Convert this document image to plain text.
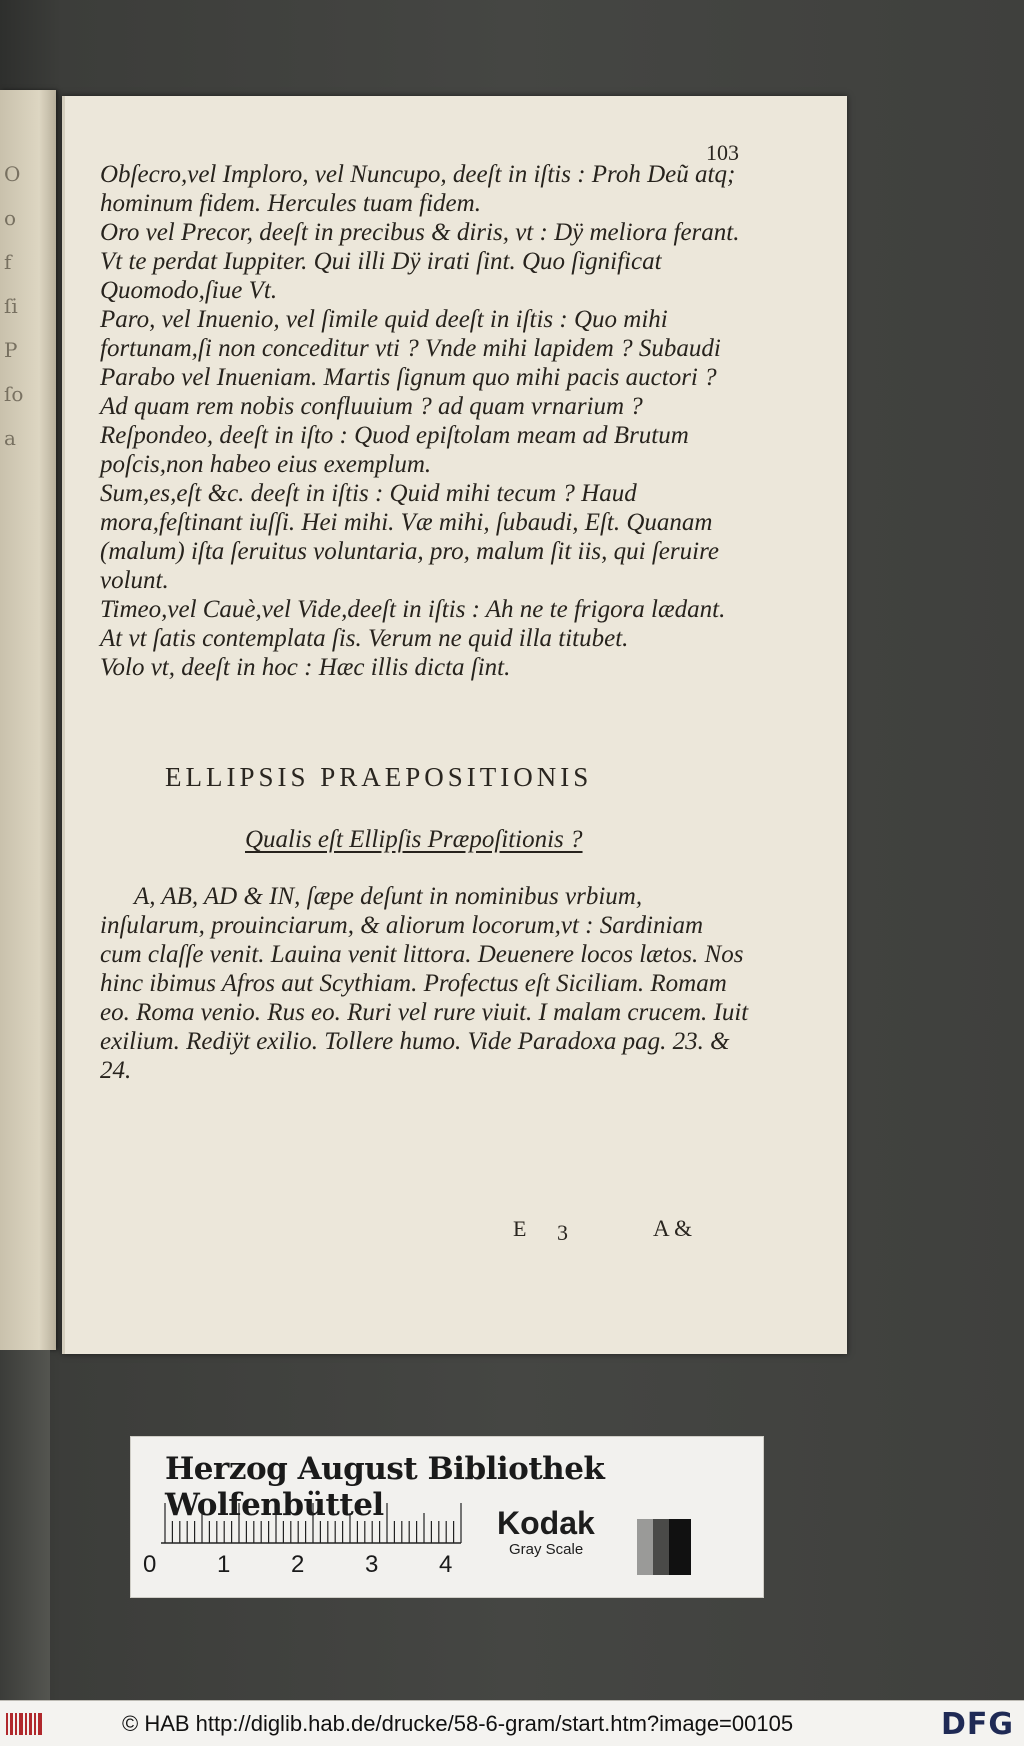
O
o
f
ſi
P
ſo
a
103

Obſecro,vel Imploro, vel Nuncupo, deeſt in iſtis : Proh Deũ atq; hominum fidem. Hercules tuam fidem.

Oro vel Precor, deeſt in precibus & diris, vt : Dÿ meliora ferant. Vt te perdat Iuppiter. Qui illi Dÿ irati ſint. Quo ſignificat Quomodo,ſiue Vt.

Paro, vel Inuenio, vel ſimile quid deeſt in iſtis : Quo mihi fortunam,ſi non conceditur vti ? Vnde mihi lapidem ? Subaudi Parabo vel Inueniam. Martis ſignum quo mihi pacis auctori ? Ad quam rem nobis confluuium ? ad quam vrnarium ?

Reſpondeo, deeſt in iſto : Quod epiſtolam meam ad Brutum poſcis,non habeo eius exemplum.

Sum,es,eſt &c. deeſt in iſtis : Quid mihi tecum ? Haud mora,feſtinant iuſſi. Hei mihi. Væ mihi, ſubaudi, Eſt. Quanam (malum) iſta ſeruitus voluntaria, pro, malum ſit iis, qui ſeruire volunt.

Timeo,vel Cauè,vel Vide,deeſt in iſtis : Ah ne te frigora lædant. At vt ſatis contemplata ſis. Verum ne quid illa titubet.

Volo vt, deeſt in hoc : Hæc illis dicta ſint.

ELLIPSIS PRAEPOSITIONIS
Qualis eſt Ellipſis Præpoſitionis ?
A, AB, AD & IN, ſæpe deſunt in nominibus vrbium, inſularum, prouinciarum, & aliorum locorum,vt : Sardiniam cum claſſe venit. Lauina venit littora. Deuenere locos lætos. Nos hinc ibimus Afros aut Scythiam. Profectus eſt Siciliam. Romam eo. Roma venio. Rus eo. Ruri vel rure viuit. I malam crucem. Iuit exilium. Rediÿt exilio. Tollere humo. Vide Paradoxa pag. 23. & 24.
E 3	A &
Herzog August Bibliothek Wolfenbüttel
0	1	2	3	4
Kodak
Gray Scale
© HAB http://diglib.hab.de/drucke/58-6-gram/start.htm?image=00105	DFG
